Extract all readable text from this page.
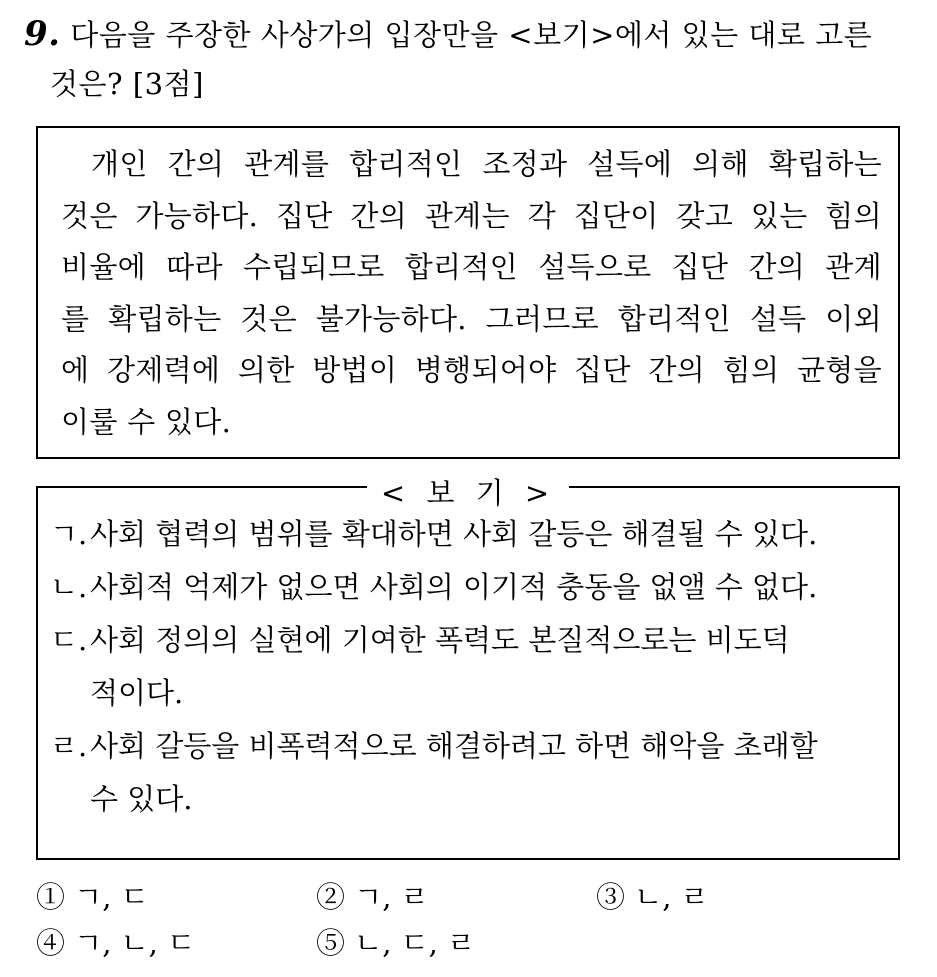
9. 다음을 주장한 사상가의 입장만을 <보기>에서 있는 대로 고른
것은? [3점]
개인 간의 관계를 합리적인 조정과 설득에 의해 확립하는
것은 가능하다. 집단 간의 관계는 각 집단이 갖고 있는 힘의
비율에 따라 수립되므로 합리적인 설득으로 집단 간의 관계
를 확립하는 것은 불가능하다. 그러므로 합리적인 설득 이외
에 강제력에 의한 방법이 병행되어야 집단 간의 힘의 균형을
이룰 수 있다.
< 보 기 >
ㄱ. 사회 협력의 범위를 확대하면 사회 갈등은 해결될 수 있다.
ㄴ. 사회적 억제가 없으면 사회의 이기적 충동을 없앨 수 없다.
ㄷ. 사회 정의의 실현에 기여한 폭력도 본질적으로는 비도덕
적이다.
ㄹ. 사회 갈등을 비폭력적으로 해결하려고 하면 해악을 초래할
수 있다.
① ㄱ, ㄷ	② ㄱ, ㄹ	③ ㄴ, ㄹ
④ ㄱ, ㄴ, ㄷ	⑤ ㄴ, ㄷ, ㄹ
